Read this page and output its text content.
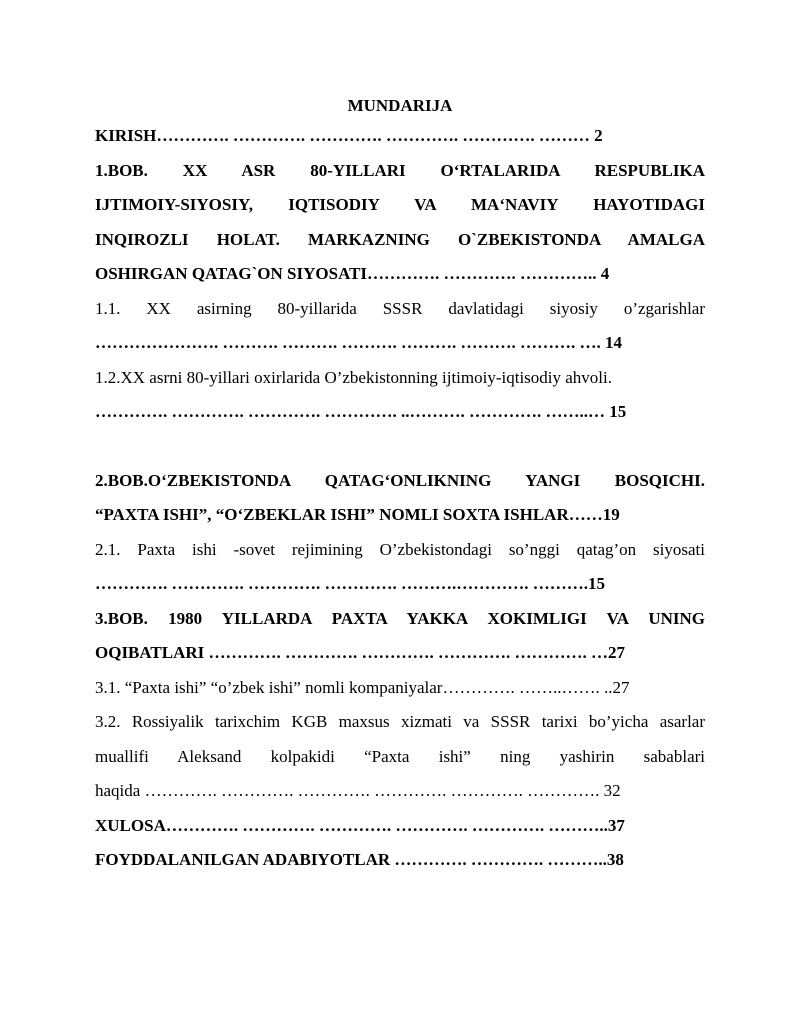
MUNDARIJA
KIRISH…………. …………. …………. …………. …………. ……… 2
1.BOB. XX ASR 80-YILLARI O‘RTALARIDA RESPUBLIKA
IJTIMOIY-SIYOSIY, IQTISODIY VA MA‘NAVIY HAYOTIDAGI
INQIROZLI HOLAT. MARKAZNING O`ZBEKISTONDA AMALGA
OSHIRGAN QATAG`ON SIYOSATI…………. …………. ………….. 4
1.1. XX asirning 80-yillarida SSSR davlatidagi siyosiy o’zgarishlar
…………………. ………. ………. ………. ………. ………. ………. …. 14
1.2.XX asrni 80-yillari oxirlarida O’zbekistonning ijtimoiy-iqtisodiy ahvoli.
…………. …………. …………. …………. ..………. …………. ……..… 15
2.BOB.O‘ZBEKISTONDA QATAG‘ONLIKNING YANGI BOSQICHI.
“PAXTA ISHI”, “O‘ZBEKLAR ISHI” NOMLI SOXTA ISHLAR……19
2.1. Paxta ishi -sovet rejimining O’zbekistondagi so’nggi qatag’on siyosati
…………. …………. …………. …………. ……….…………. ……….15
3.BOB. 1980 YILLARDA PAXTA YAKKA XOKIMLIGI VA UNING
OQIBATLARI …………. …………. …………. …………. …………. …27
3.1. “Paxta ishi” “o’zbek ishi” nomli kompaniyalar…………. ……..……. ..27
3.2. Rossiyalik tarixchim KGB maxsus xizmati va SSSR tarixi bo’yicha asarlar
muallifi Aleksand kolpakidi “Paxta ishi” ning yashirin sabablari
haqida …………. …………. …………. …………. …………. …………. 32
XULOSA…………. …………. …………. …………. …………. ………..37
FOYDDALANILGAN ADABIYOTLAR …………. …………. ………..38
